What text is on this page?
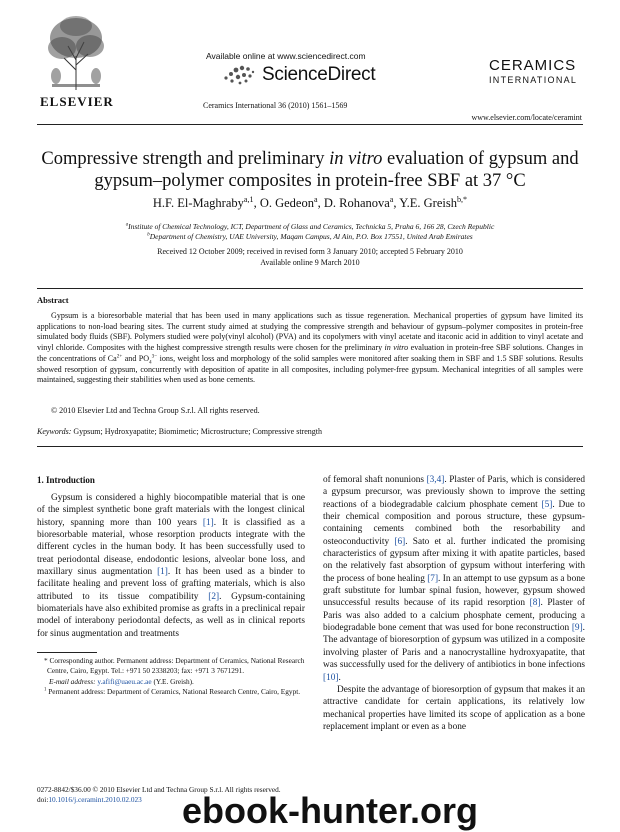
ELSEVIER
Available online at www.sciencedirect.com
ScienceDirect
Ceramics International 36 (2010) 1561–1569
CERAMICS
INTERNATIONAL
www.elsevier.com/locate/ceramint
Compressive strength and preliminary in vitro evaluation of gypsum and
gypsum–polymer composites in protein-free SBF at 37 °C
H.F. El-Maghraby$^{a,1}$, O. Gedeon$^a$, D. Rohanova$^a$, Y.E. Greish$^{b,*}$
$^a$Institute of Chemical Technology, ICT, Department of Glass and Ceramics, Technicka 5, Praha 6, 166 28, Czech Republic
$^b$Department of Chemistry, UAE University, Maqam Campus, Al Ain, P.O. Box 17551, United Arab Emirates
Received 12 October 2009; received in revised form 3 January 2010; accepted 5 February 2010
Available online 9 March 2010
Abstract
Gypsum is a bioresorbable material that has been used in many applications such as tissue regeneration. Mechanical properties of gypsum have limited its applications to non-load bearing sites. The current study aimed at studying the compressive strength and behaviour of gypsum–polymer composites in protein-free simulated body fluids (SBF). Polymers studied were poly(vinyl alcohol) (PVA) and its copolymers with vinyl acetate and itaconic acid in addition to vinyl acetate and vinyl chloride. Composites with the highest compressive strength results were chosen for the preliminary in vitro evaluation in protein-free SBF solutions. Changes in the concentrations of $Ca^{2+}$ and $PO_4^{3-}$ ions, weight loss and morphology of the solid samples were monitored after soaking them in SBF and 1.5 SBF solutions. Results showed resorption of gypsum, concurrently with deposition of apatite in all composites, including polymer-free gypsum. Mechanical integrities of all samples were maintained, suggesting their stabilities when used as bone cements.
© 2010 Elsevier Ltd and Techna Group S.r.l. All rights reserved.
Keywords: Gypsum; Hydroxyapatite; Biomimetic; Microstructure; Compressive strength
1. Introduction

Gypsum is considered a highly biocompatible material that is one of the simplest synthetic bone graft materials with the longest clinical history, spanning more than 100 years [1]. It is classified as a bioresorbable material, whose resorption products integrate with the different cycles in the human body. It has been successfully used to treat periodontal disease, endodontic lesions, alveolar bone loss, and maxillary sinus augmentation [1]. It has been used as a binder to facilitate healing and prevent loss of grafting materials, which is also attributed to its tissue compatibility [2]. Gypsum-containing biomaterials have also exhibited promise as grafts in a preclinical repair model of interabony periodontal defects, as well as in clinical reports for sinus augmentation and treatments

of femoral shaft nonunions [3,4]. Plaster of Paris, which is considered a gypsum precursor, was previously shown to improve the setting reactions of a biodegradable calcium phosphate cement [5]. Due to their chemical composition and porous structure, these gypsum-containing cements combined both the resorbability and osteoconductivity [6]. Sato et al. further indicated the promising characteristics of gypsum after mixing it with apatite particles, based on the relatively fast absorption of gypsum without interfering with the process of bone healing [7]. In an attempt to use gypsum as a bone graft substitute for lumbar spinal fusion, however, gypsum showed unsuccessful results because of its rapid resorption [8]. Plaster of Paris was also added to a calcium phosphate cement, producing a biodegradable bone cement that was used for bone reconstruction [9]. The advantage of bioresorption of gypsum was utilized in a composite involving plaster of Paris and a nanocrystalline hydroxyapatite, that was successfully used for the delivery of antibiotics in bone infections [10].

Despite the advantage of bioresorption of gypsum that makes it an attractive candidate for certain applications, its relatively low mechanical properties have limited its scope of application as a bone replacement implant or even as a bone

* Corresponding author. Permanent address: Department of Ceramics, National Research Centre, Cairo, Egypt. Tel.: +971 50 2338203; fax: +971 3 7671291.

E-mail address: y.afifi@uaeu.ac.ae (Y.E. Greish).

$^1$ Permanent address: Department of Ceramics, National Research Centre, Cairo, Egypt.

0272-8842/$36.00 © 2010 Elsevier Ltd and Techna Group S.r.l. All rights reserved.
doi:10.1016/j.ceramint.2010.02.023	ebook-hunter.org
